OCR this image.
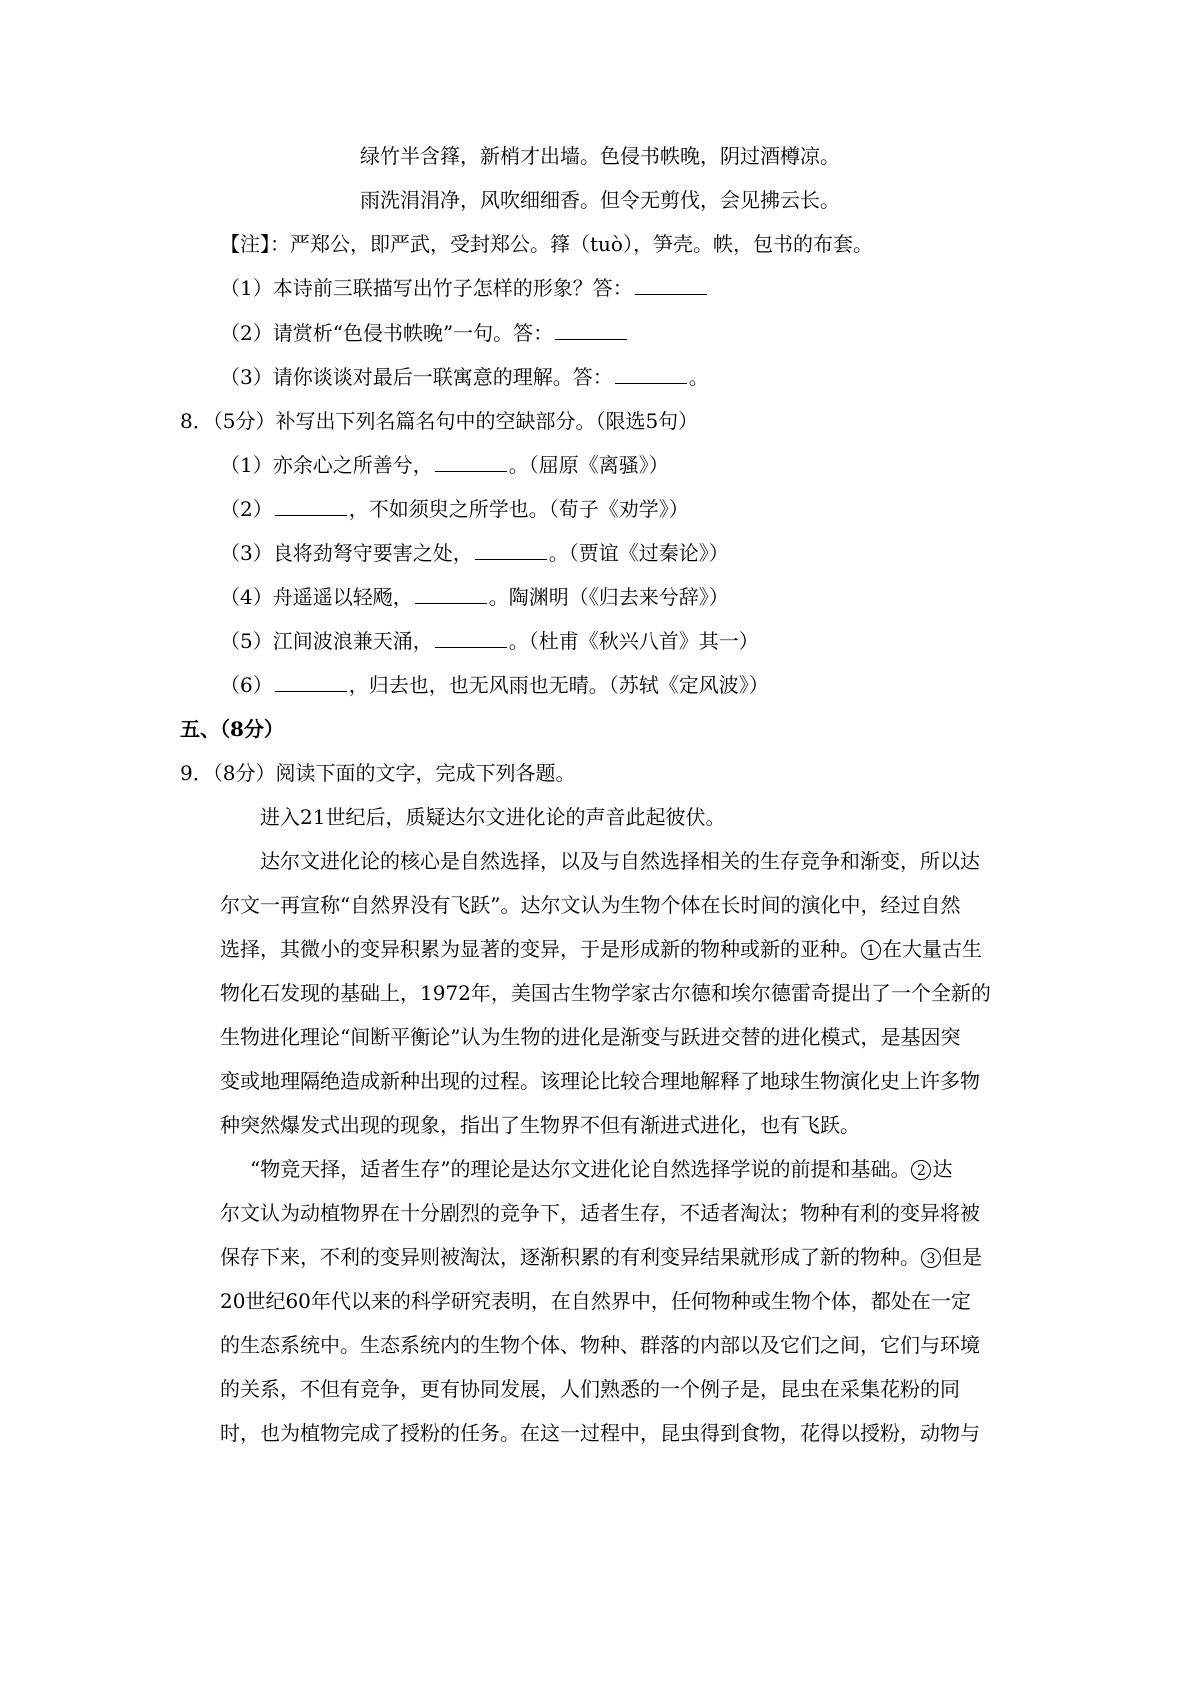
绿竹半含箨，新梢才出墙。色侵书帙晚，阴过酒樽凉。
雨洗涓涓净，风吹细细香。但令无剪伐，会见拂云长。
【注】：严郑公，即严武，受封郑公。箨（tuò），笋壳。帙，包书的布套。
（1）本诗前三联描写出竹子怎样的形象？答：
（2）请赏析“色侵书帙晚”一句。答：
（3）请你谈谈对最后一联寓意的理解。答：	。
8．（5分）补写出下列名篇名句中的空缺部分。（限选5句）
（1）亦余心之所善兮，	。（屈原《离骚》）
（2）	，不如须臾之所学也。（荀子《劝学》）
（3）良将劲弩守要害之处，	。（贾谊《过秦论》）
（4）舟遥遥以轻飏，	。陶渊明（《归去来兮辞》）
（5）江间波浪兼天涌，	。（杜甫《秋兴八首》其一）
（6）	，归去也，也无风雨也无晴。（苏轼《定风波》）
五、（8分）
9．（8分）阅读下面的文字，完成下列各题。
进入21世纪后，质疑达尔文进化论的声音此起彼伏。
达尔文进化论的核心是自然选择，以及与自然选择相关的生存竞争和渐变，所以达
尔文一再宣称“自然界没有飞跃”。达尔文认为生物个体在长时间的演化中，经过自然
选择，其微小的变异积累为显著的变异，于是形成新的物种或新的亚种。 1 在大量古生
物化石发现的基础上，1972年，美国古生物学家古尔德和埃尔德雷奇提出了一个全新的
生物进化理论“间断平衡论”认为生物的进化是渐变与跃进交替的进化模式，是基因突
变或地理隔绝造成新种出现的过程。该理论比较合理地解释了地球生物演化史上许多物
种突然爆发式出现的现象，指出了生物界不但有渐进式进化，也有飞跃。
“物竞天择，适者生存”的理论是达尔文进化论自然选择学说的前提和基础。 2 达
尔文认为动植物界在十分剧烈的竞争下，适者生存，不适者淘汰；物种有利的变异将被
保存下来，不利的变异则被淘汰，逐渐积累的有利变异结果就形成了新的物种。 3 但是
20世纪60年代以来的科学研究表明，在自然界中，任何物种或生物个体，都处在一定
的生态系统中。生态系统内的生物个体、物种、群落的内部以及它们之间，它们与环境
的关系，不但有竞争，更有协同发展，人们熟悉的一个例子是，昆虫在采集花粉的同
时，也为植物完成了授粉的任务。在这一过程中，昆虫得到食物，花得以授粉，动物与
